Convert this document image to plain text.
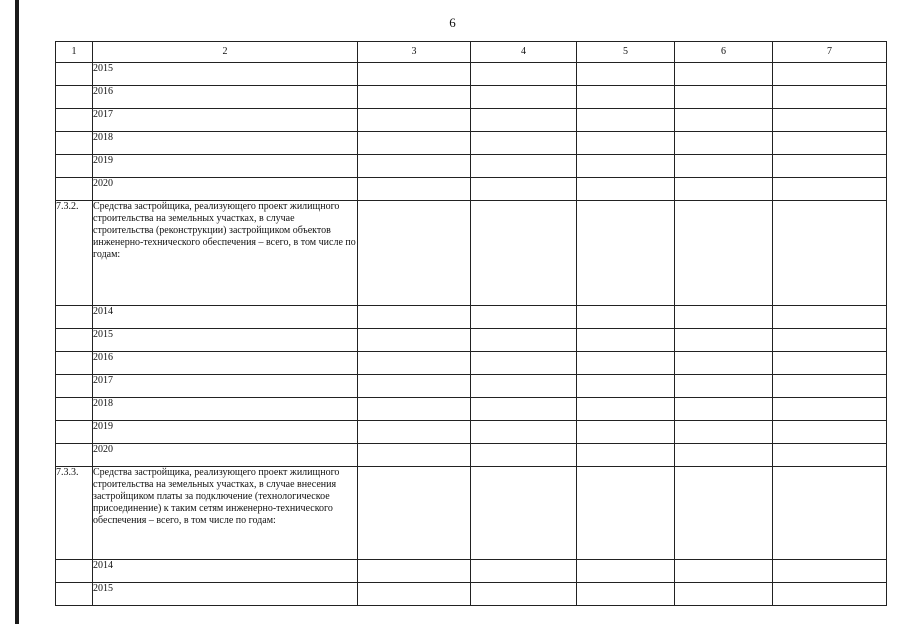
6
1	2	3	4	5	6	7
	2015					
	2016					
	2017					
	2018					
	2019					
	2020					
7.3.2.	Средства застройщика, реализующего проект жилищного строительства на земельных участках, в случае строительства (реконструкции) застройщиком объектов инженерно-технического обеспечения – всего, в том числе по годам:					
	2014					
	2015					
	2016					
	2017					
	2018					
	2019					
	2020					
7.3.3.	Средства застройщика, реализующего проект жилищного строительства на земельных участках, в случае внесения застройщиком платы за подключение (технологическое присоединение) к таким сетям инженерно-технического обеспечения – всего, в том числе по годам:					
	2014					
	2015					
